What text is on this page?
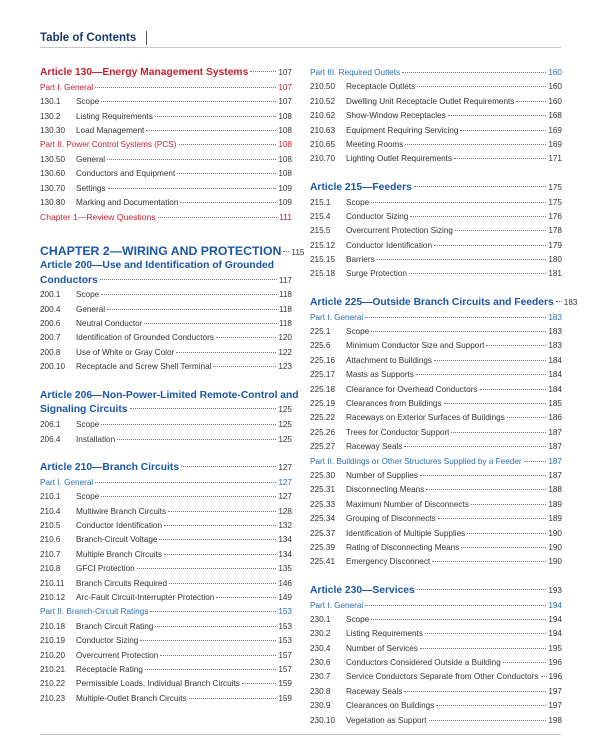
Table of Contents
Article 130—Energy Management Systems	107
Part I. General	107
130.1	Scope	107
130.2	Listing Requirements	108
130.30	Load Management	108
Part II. Power Control Systems (PCS)	108
130.50	General	108
130.60	Conductors and Equipment	108
130.70	Settings	109
130.80	Marking and Documentation	109
Chapter 1—Review Questions	111
CHAPTER 2—WIRING AND PROTECTION 115
Article 200—Use and Identification of Grounded
Conductors	117
200.1	Scope	118
200.4	General	118
200.6	Neutral Conductor	118
200.7	Identification of Grounded Conductors	120
200.8	Use of White or Gray Color	122
200.10	Receptacle and Screw Shell Terminal	123
Article 206—Non-Power-Limited Remote-Control and
Signaling Circuits	125
206.1	Scope	125
206.4	Installation	125
Article 210—Branch Circuits	127
Part I. General	127
210.1	Scope	127
210.4	Multiwire Branch Circuits	128
210.5	Conductor Identification	132
210.6	Branch-Circuit Voltage	134
210.7	Multiple Branch Circuits	134
210.8	GFCI Protection	135
210.11	Branch Circuits Required	146
210.12	Arc-Fault Circuit-Interrupter Protection	149
Part II. Branch-Circuit Ratings	153
210.18	Branch Circuit Rating	153
210.19	Conductor Sizing	153
210.20	Overcurrent Protection	157
210.21	Receptacle Rating	157
210.22	Permissible Loads, Individual Branch Circuits	159
210.23	Multiple-Outlet Branch Circuits	159
Part III. Required Outlets	160
210.50	Receptacle Outlets	160
210.52	Dwelling Unit Receptacle Outlet Requirements	160
210.62	Show-Window Receptacles	168
210.63	Equipment Requiring Servicing	169
210.65	Meeting Rooms	169
210.70	Lighting Outlet Requirements	171
Article 215—Feeders	175
215.1	Scope	175
215.4	Conductor Sizing	176
215.5	Overcurrent Protection Sizing	178
215.12	Conductor Identification	179
215.15	Barriers	180
215.18	Surge Protection	181
Article 225—Outside Branch Circuits and Feeders 183
Part I. General	183
225.1	Scope	183
225.6	Minimum Conductor Size and Support	183
225.16	Attachment to Buildings	184
225.17	Masts as Supports	184
225.18	Clearance for Overhead Conductors	184
225.19	Clearances from Buildings	185
225.22	Raceways on Exterior Surfaces of Buildings	186
225.26	Trees for Conductor Support	187
225.27	Raceway Seals	187
Part II. Buildings or Other Structures Supplied by a Feeder	187
225.30	Number of Supplies	187
225.31	Disconnecting Means	188
225.33	Maximum Number of Disconnects	189
225.34	Grouping of Disconnects	189
225.37	Identification of Multiple Supplies	190
225.39	Rating of Disconnecting Means	190
225.41	Emergency Disconnect	190
Article 230—Services	193
Part I. General	194
230.1	Scope	194
230.2	Listing Requirements	194
230.4	Number of Services	195
230.6	Conductors Considered Outside a Building	196
230.7	Service Conductors Separate from Other Conductors 196
230.8	Raceway Seals	197
230.9	Clearances on Buildings	197
230.10	Vegetation as Support	198
